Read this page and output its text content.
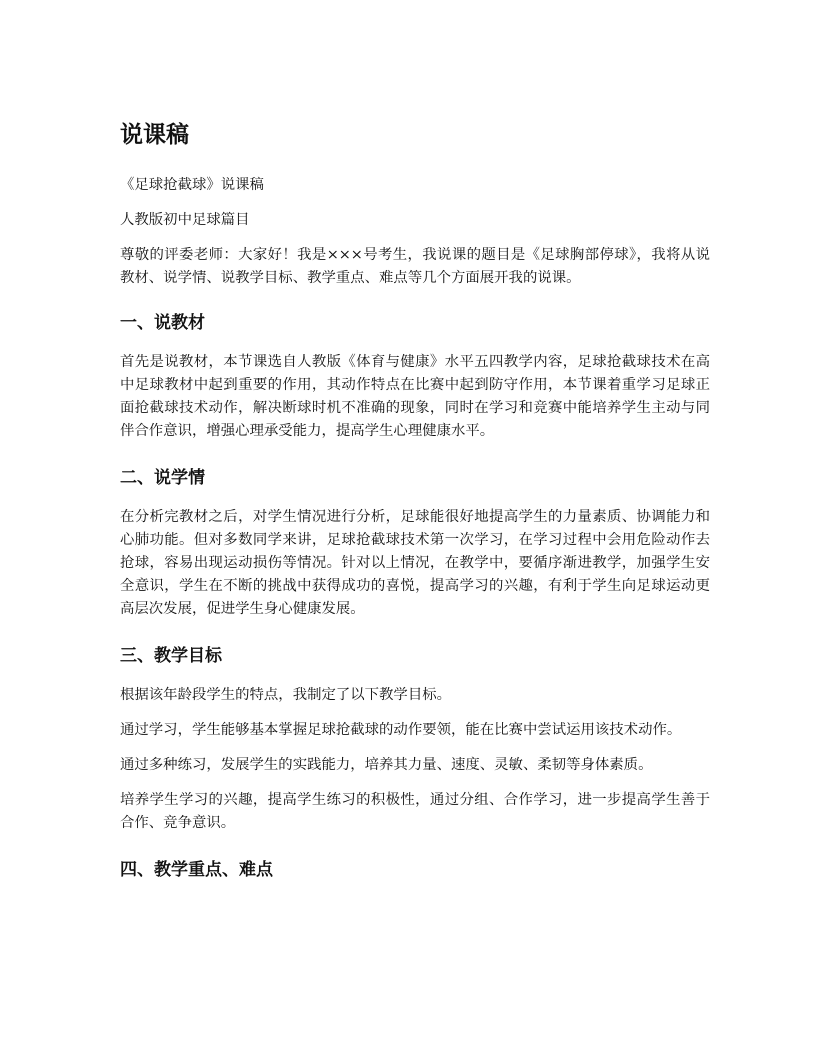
说课稿

《足球抢截球》说课稿

人教版初中足球篇目

尊敬的评委老师：大家好！我是×××号考生，我说课的题目是《足球胸部停球》，我将从说教材、说学情、说教学目标、教学重点、难点等几个方面展开我的说课。

一、说教材

首先是说教材，本节课选自人教版《体育与健康》水平五四教学内容，足球抢截球技术在高中足球教材中起到重要的作用，其动作特点在比赛中起到防守作用，本节课着重学习足球正面抢截球技术动作，解决断球时机不准确的现象，同时在学习和竞赛中能培养学生主动与同伴合作意识，增强心理承受能力，提高学生心理健康水平。

二、说学情

在分析完教材之后，对学生情况进行分析，足球能很好地提高学生的力量素质、协调能力和心肺功能。但对多数同学来讲，足球抢截球技术第一次学习，在学习过程中会用危险动作去抢球，容易出现运动损伤等情况。针对以上情况，在教学中，要循序渐进教学，加强学生安全意识，学生在不断的挑战中获得成功的喜悦，提高学习的兴趣，有利于学生向足球运动更高层次发展，促进学生身心健康发展。

三、教学目标

根据该年龄段学生的特点，我制定了以下教学目标。

通过学习，学生能够基本掌握足球抢截球的动作要领，能在比赛中尝试运用该技术动作。

通过多种练习，发展学生的实践能力，培养其力量、速度、灵敏、柔韧等身体素质。

培养学生学习的兴趣，提高学生练习的积极性，通过分组、合作学习，进一步提高学生善于合作、竞争意识。

四、教学重点、难点
